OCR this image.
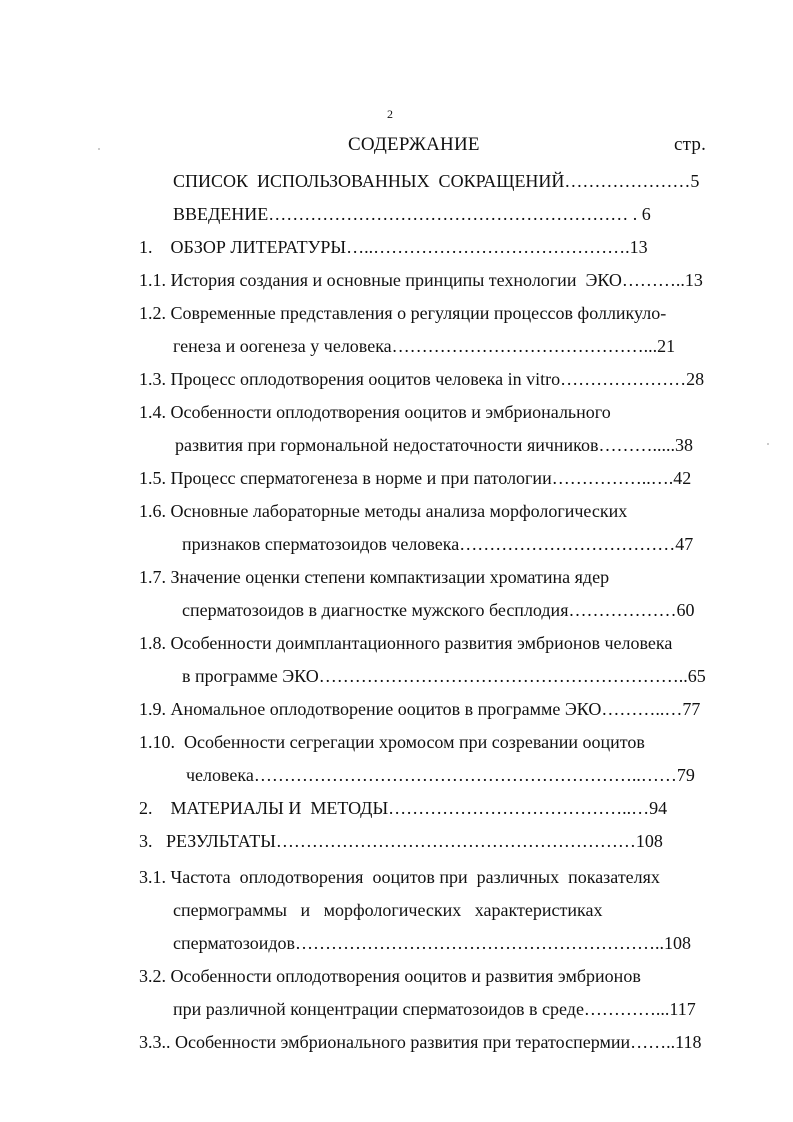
2
СОДЕРЖАНИЕ	стр.
СПИСОК  ИСПОЛЬЗОВАННЫХ  СОКРАЩЕНИЙ…………………5
ВВЕДЕНИЕ…………………………………………………… . 6
1.    ОБЗОР ЛИТЕРАТУРЫ…..…………………………………….13
1.1. История создания и основные принципы технологии  ЭКО………..13
1.2. Современные представления о регуляции процессов фолликуло-
генеза и оогенеза у человека……………………………………...21
1.3. Процесс оплодотворения ооцитов человека in vitro…………………28
1.4. Особенности оплодотворения ооцитов и эмбрионального
развития при гормональной недостаточности яичников……….....38
1.5. Процесс сперматогенеза в норме и при патологии……………..….42
1.6. Основные лабораторные методы анализа морфологических
признаков сперматозоидов человека………………………………47
1.7. Значение оценки степени компактизации хроматина ядер
сперматозоидов в диагностке мужского бесплодия………………60
1.8. Особенности доимплантационного развития эмбрионов человека
в программе ЭКО……………………………………………………..65
1.9. Аномальное оплодотворение ооцитов в программе ЭКО………..…77
1.10.  Особенности сегрегации хромосом при созревании ооцитов
человека………………………………………………………..……79
2.    МАТЕРИАЛЫ И  МЕТОДЫ…………………………………..…94
3.   РЕЗУЛЬТАТЫ……………………………………………………108
3.1. Частота  оплодотворения  ооцитов при  различных  показателях
спермограммы   и   морфологических   характеристиках
сперматозоидов……………………………………………………..108
3.2. Особенности оплодотворения ооцитов и развития эмбрионов
при различной концентрации сперматозоидов в среде…………...117
3.3.. Особенности эмбрионального развития при тератоспермии……..118
